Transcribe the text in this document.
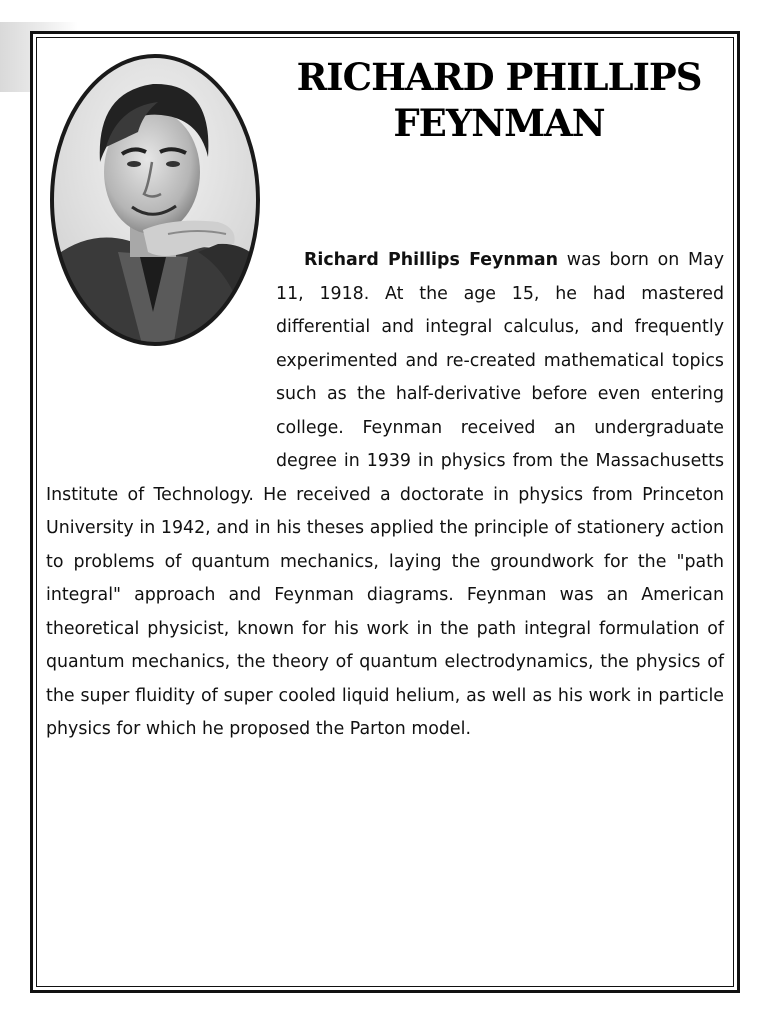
RICHARD PHILLIPS
FEYNMAN

Richard Phillips Feynman was born on May 11, 1918. At the age 15, he had mastered differential and integral calculus, and frequently experimented and re-created mathematical topics such as the half-derivative before even entering college. Feynman received an undergraduate degree in 1939 in physics from the Massachusetts Institute of Technology. He received a doctorate in physics from Princeton University in 1942, and in his theses applied the principle of stationery action to problems of quantum mechanics, laying the groundwork for the "path integral" approach and Feynman diagrams. Feynman was an American theoretical physicist, known for his work in the path integral formulation of quantum mechanics, the theory of quantum electrodynamics, the physics of the super fluidity of super cooled liquid helium, as well as his work in particle physics for which he proposed the Parton model.
